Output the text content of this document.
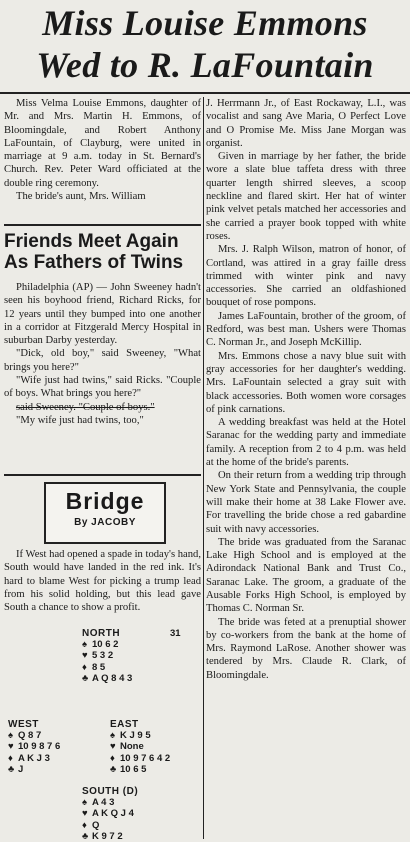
Miss Louise Emmons
Wed to R. LaFountain

Miss Velma Louise Emmons, daughter of Mr. and Mrs. Martin H. Emmons, of Bloomingdale, and Robert Anthony LaFountain, of Clayburg, were united in marriage at 9 a.m. today in St. Bernard's Church. Rev. Peter Ward officiated at the double ring ceremony.

The bride's aunt, Mrs. William

Friends Meet Again As Fathers of Twins

Philadelphia (AP) — John Sweeney hadn't seen his boyhood friend, Richard Ricks, for 12 years until they bumped into one another in a corridor at Fitzgerald Mercy Hospital in suburban Darby yesterday.

"Dick, old boy," said Sweeney, "What brings you here?"

"Wife just had twins," said Ricks. "Couple of boys. What brings you here?"

said Sweeney. "Couple of boys."

"My wife just had twins, too,"

Bridge
By JACOBY

If West had opened a spade in today's hand, South would have landed in the red ink. It's hard to blame West for picking a trump lead from his solid holding, but this lead gave South a chance to show a profit.

NORTH
♠ 10 6 2
♥ 5 3 2
♦ 8 5
♣ A Q 8 4 3
31
WEST
♠ Q 8 7
♥ 10 9 8 7 6
♦ A K J 3
♣ J
EAST
♠ K J 9 5
♥ None
♦ 10 9 7 6 4 2
♣ 10 6 5
SOUTH (D)
♠ A 4 3
♥ A K Q J 4
♦ Q
♣ K 9 7 2

J. Herrmann Jr., of East Rockaway, L.I., was vocalist and sang Ave Maria, O Perfect Love and O Promise Me. Miss Jane Morgan was organist.

Given in marriage by her father, the bride wore a slate blue taffeta dress with three quarter length shirred sleeves, a scoop neckline and flared skirt. Her hat of winter pink velvet petals matched her accessories and she carried a prayer book topped with white roses.

Mrs. J. Ralph Wilson, matron of honor, of Cortland, was attired in a gray faille dress trimmed with winter pink and navy accessories. She carried an oldfashioned bouquet of rose pompons.

James LaFountain, brother of the groom, of Redford, was best man. Ushers were Thomas C. Norman Jr., and Joseph McKillip.

Mrs. Emmons chose a navy blue suit with gray accessories for her daughter's wedding. Mrs. LaFountain selected a gray suit with black accessories. Both women wore corsages of pink carnations.

A wedding breakfast was held at the Hotel Saranac for the wedding party and immediate family. A reception from 2 to 4 p.m. was held at the home of the bride's parents.

On their return from a wedding trip through New York State and Pennsylvania, the couple will make their home at 38 Lake Flower ave. For travelling the bride chose a red gabardine suit with navy accessories.

The bride was graduated from the Saranac Lake High School and is employed at the Adirondack National Bank and Trust Co., Saranac Lake. The groom, a graduate of the Ausable Forks High School, is employed by Thomas C. Norman Sr.

The bride was feted at a prenuptial shower by co-workers from the bank at the home of Mrs. Raymond LaRose. Another shower was tendered by Mrs. Claude R. Clark, of Bloomingdale.
